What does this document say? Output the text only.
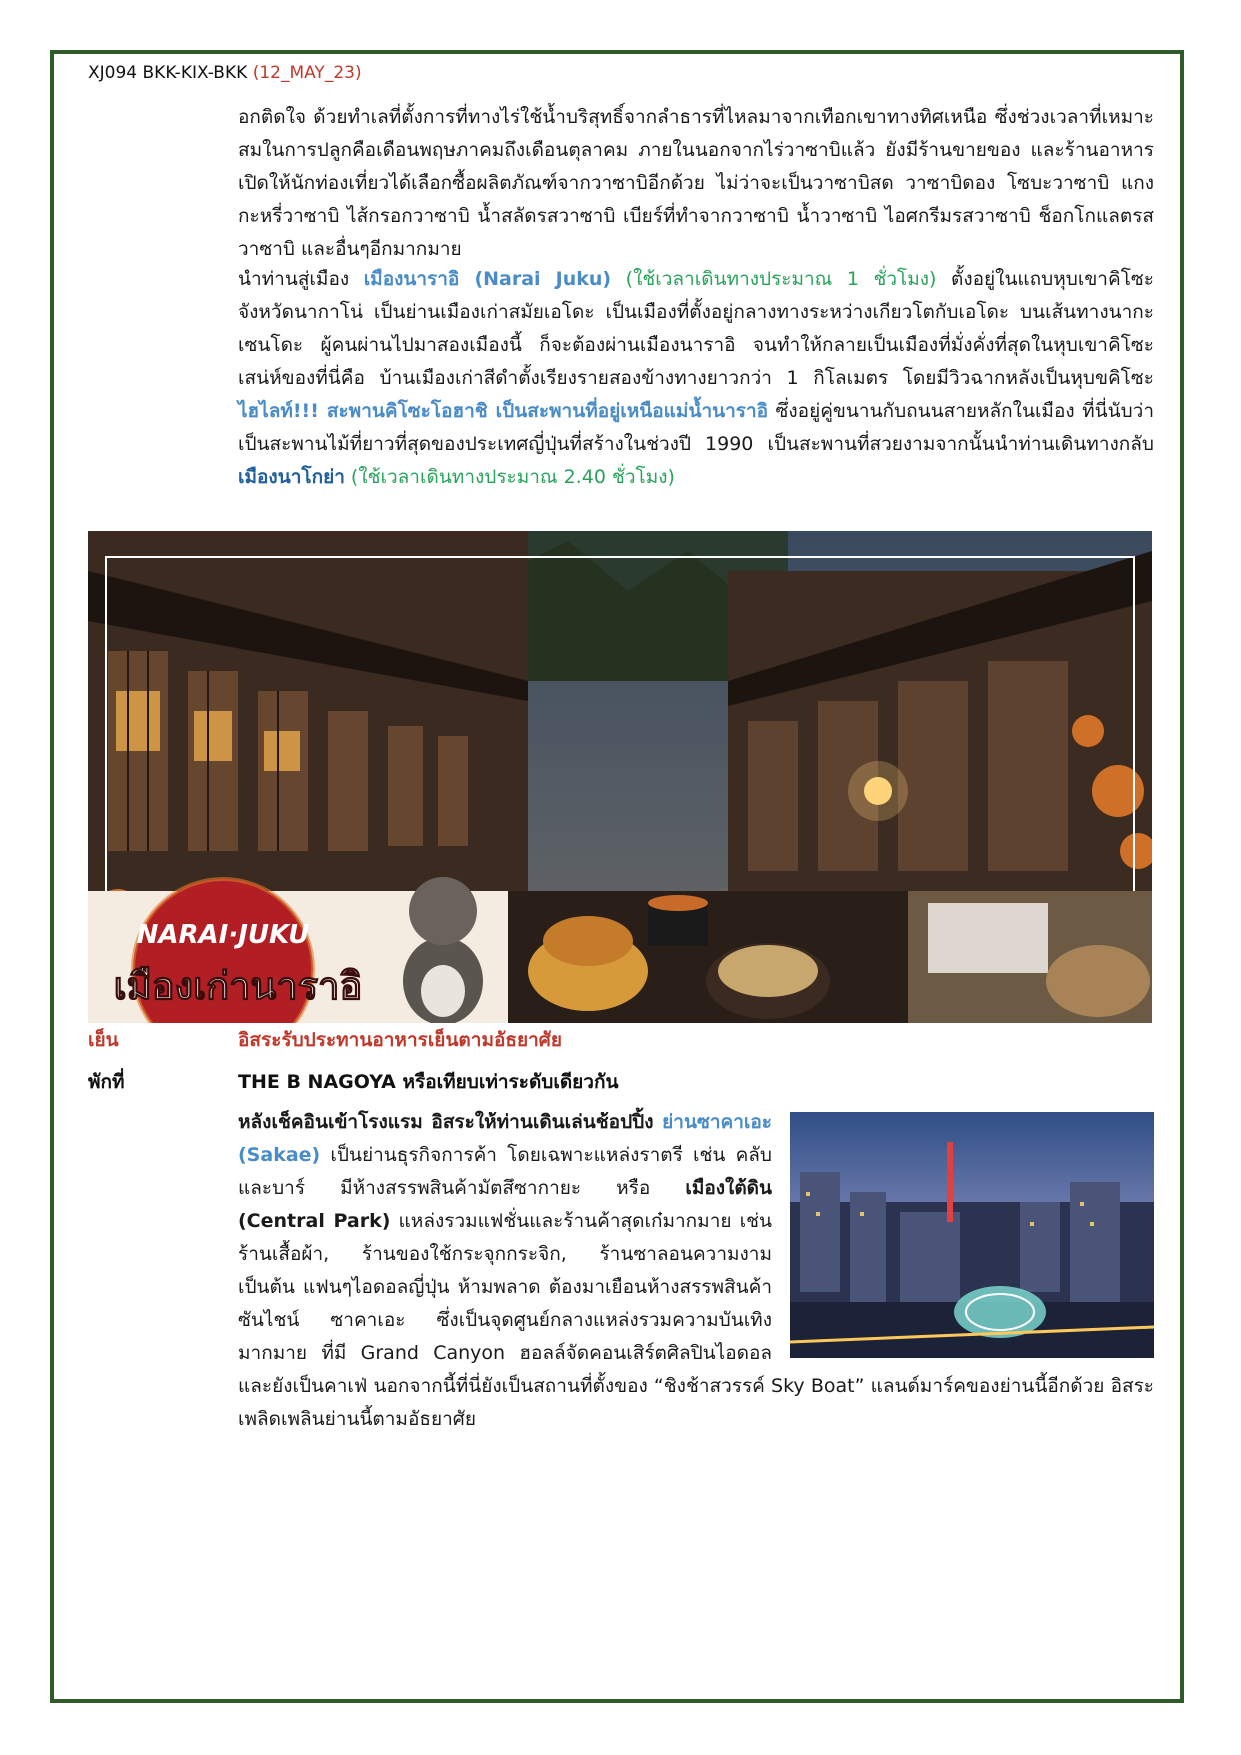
XJ094 BKK-KIX-BKK (12_MAY_23)
อกติดใจ ด้วยทำเลที่ตั้งการที่ทางไร่ใช้น้ำบริสุทธิ์จากลำธารที่ไหลมาจากเทือกเขาทางทิศเหนือ ซึ่งช่วงเวลาที่เหมาะสมในการปลูกคือเดือนพฤษภาคมถึงเดือนตุลาคม ภายในนอกจากไร่วาซาบิแล้ว ยังมีร้านขายของ และร้านอาหารเปิดให้นักท่องเที่ยวได้เลือกซื้อผลิตภัณฑ์จากวาซาบิอีกด้วย ไม่ว่าจะเป็นวาซาบิสด วาซาบิดอง โซบะวาซาบิ แกงกะหรี่วาซาบิ ไส้กรอกวาซาบิ น้ำสลัดรสวาซาบิ เบียร์ที่ทำจากวาซาบิ น้ำวาซาบิ ไอศกรีมรสวาซาบิ ช็อกโกแลตรสวาซาบิ และอื่นๆอีกมากมาย
นำท่านสู่เมือง เมืองนาราอิ (Narai Juku) (ใช้เวลาเดินทางประมาณ 1 ชั่วโมง) ตั้งอยู่ในแถบหุบเขาคิโซะ จังหวัดนากาโน่ เป็นย่านเมืองเก่าสมัยเอโดะ เป็นเมืองที่ตั้งอยู่กลางทางระหว่างเกียวโตกับเอโดะ บนเส้นทางนากะเซนโดะ ผู้คนผ่านไปมาสองเมืองนี้ ก็จะต้องผ่านเมืองนาราอิ จนทำให้กลายเป็นเมืองที่มั่งคั่งที่สุดในหุบเขาคิโซะ เสน่ห์ของที่นี่คือ บ้านเมืองเก่าสีดำตั้งเรียงรายสองข้างทางยาวกว่า 1 กิโลเมตร โดยมีวิวฉากหลังเป็นหุบขคิโซะ ไฮไลท์!!! สะพานคิโซะโอฮาชิ เป็นสะพานที่อยู่เหนือแม่น้ำนาราอิ ซึ่งอยู่คู่ขนานกับถนนสายหลักในเมือง ที่นี่นับว่าเป็นสะพานไม้ที่ยาวที่สุดของประเทศญี่ปุ่นที่สร้างในช่วงปี 1990 เป็นสะพานที่สวยงามจากนั้นนำท่านเดินทางกลับ เมืองนาโกย่า (ใช้เวลาเดินทางประมาณ 2.40 ชั่วโมง)
NARAI·JUKU
เมืองเก่านาราอิ
เย็น	อิสระรับประทานอาหารเย็นตามอัธยาศัย
พักที่	THE B NAGOYA หรือเทียบเท่าระดับเดียวกัน
หลังเช็คอินเข้าโรงแรม อิสระให้ท่านเดินเล่นช้อปปิ้ง ย่านซาคาเอะ (Sakae) เป็นย่านธุรกิจการค้า โดยเฉพาะแหล่งราตรี เช่น คลับและบาร์ มีห้างสรรพสินค้ามัตสึซากายะ หรือ เมืองใต้ดิน (Central Park) แหล่งรวมแฟชั่นและร้านค้าสุดเก๋มากมาย เช่น ร้านเสื้อผ้า, ร้านของใช้กระจุกกระจิก, ร้านซาลอนความงาม เป็นต้น แฟนๆไอดอลญี่ปุ่น ห้ามพลาด ต้องมาเยือนห้างสรรพสินค้าซันไชน์ ซาคาเอะ ซึ่งเป็นจุดศูนย์กลางแหล่งรวมความบันเทิงมากมาย ที่มี Grand Canyon ฮอลล์จัดคอนเสิร์ตศิลปินไอดอลและยังเป็นคาเฟ่ นอกจากนี้ที่นี่ยังเป็นสถานที่ตั้งของ “ชิงช้าสวรรค์ Sky Boat” แลนด์มาร์คของย่านนี้อีกด้วย อิสระเพลิดเพลินย่านนี้ตามอัธยาศัย
